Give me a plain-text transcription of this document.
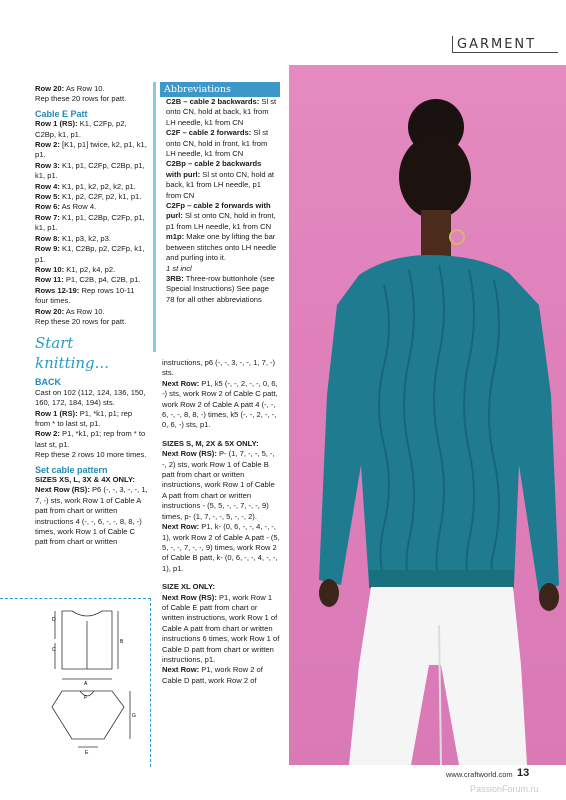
GARMENT

Row 20: As Row 10.

Rep these 20 rows for patt.

Cable E Patt

Row 1 (RS): K1, C2Fp, p2, C2Bp, k1, p1.

Row 2: [K1, p1] twice, k2, p1, k1, p1.

Row 3: K1, p1, C2Fp, C2Bp, p1, k1, p1.

Row 4: K1, p1, k2, p2, k2, p1.

Row 5: K1, p2, C2F, p2, k1, p1.

Row 6: As Row 4.

Row 7: K1, p1, C2Bp, C2Fp, p1, k1, p1.

Row 8: K1, p3, k2, p3.

Row 9: K1, C2Bp, p2, C2Fp, k1, p1.

Row 10: K1, p2, k4, p2.

Row 11: P1, C2B, p4, C2B, p1.

Rows 12-19: Rep rows 10-11 four times.

Row 20: As Row 10.

Rep these 20 rows for patt.

Start knitting...

BACK

Cast on 102 (112, 124, 136, 150, 160, 172, 184, 194) sts.

Row 1 (RS): P1, *k1, p1; rep from * to last st, p1.

Row 2: P1, *k1, p1; rep from * to last st, p1.

Rep these 2 rows 10 more times.

Set cable pattern

SIZES XS, L, 3X & 4X ONLY:

Next Row (RS): P6 (-, -, 3, -, -, 1, 7, -) sts, work Row 1 of Cable A patt from chart or written instructions 4 (-, -, 6, -, -, 8, 8, -) times, work Row 1 of Cable C patt from chart or written

Abbreviations

C2B – cable 2 backwards: Sl st onto CN, hold at back, k1 from LH needle, k1 from CN

C2F – cable 2 forwards: Sl st onto CN, hold in front, k1 from LH needle, k1 from CN

C2Bp – cable 2 backwards with purl: Sl st onto CN, hold at back, k1 from LH needle, p1 from CN

C2Fp – cable 2 forwards with purl: Sl st onto CN, hold in front, p1 from LH needle, k1 from CN

m1p: Make one by lifting the bar between stitches onto LH needle and purling into it.

1 st incl

3RB: Three-row buttonhole (see Special Instructions) See page 78 for all other abbreviations

instructions, p6 (-, -, 3, -, -, 1, 7, -) sts.

Next Row: P1, k5 (-, -, 2, -, -, 0, 6, -) sts, work Row 2 of Cable C patt, work Row 2 of Cable A patt 4 (-, -, 6, -, -, 8, 8, -) times, k5 (-, -, 2, -, -, 0, 6, -) sts, p1.

SIZES S, M, 2X & 5X ONLY:

Next Row (RS): P- (1, 7, -, -, 5, -, -, 2) sts, work Row 1 of Cable B patt from chart or written instructions, work Row 1 of Cable A patt from chart or written instructions - (5, 5, -, -, 7, -, -, 9) times, p- (1, 7, -, -, 5, -, -, 2).

Next Row: P1, k- (0, 6, -, -, 4, -, -, 1), work Row 2 of Cable A patt - (5, 5, -, -, 7, -, -, 9) times, work Row 2 of Cable B patt, k- (0, 6, -, -, 4, -, -, 1), p1.

SIZE XL ONLY:

Next Row (RS): P1, work Row 1 of Cable E patt from chart or written instructions, work Row 1 of Cable A patt from chart or written instructions 6 times, work Row 1 of Cable D patt from chart or written instructions, p1.

Next Row: P1, work Row 2 of Cable D patt, work Row 2 of

D
C
A
B
F
G
E
www.craftworld.com 13
PassionForum.ru
